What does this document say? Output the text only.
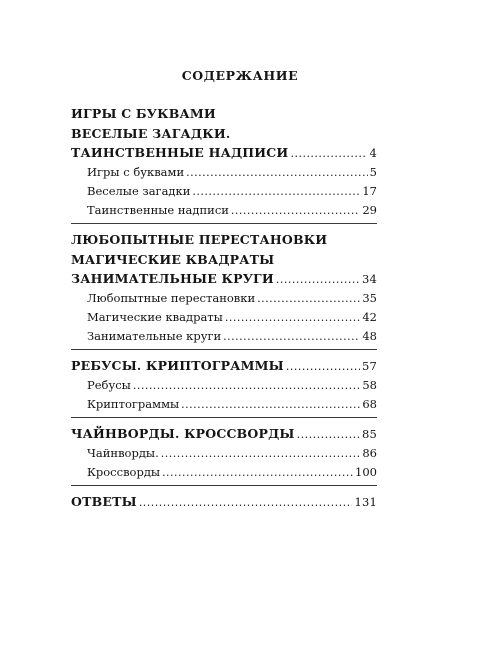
СОДЕРЖАНИЕ
ИГРЫ С БУКВАМИ
ВЕСЕЛЫЕ ЗАГАДКИ.
ТАИНСТВЕННЫЕ НАДПИСИ .....	4
Игры с буквами .....	5
Веселые загадки .....	17
Таинственные надписи .....	29
ЛЮБОПЫТНЫЕ ПЕРЕСТАНОВКИ
МАГИЧЕСКИЕ КВАДРАТЫ
ЗАНИМАТЕЛЬНЫЕ КРУГИ .....	34
Любопытные перестановки .....	35
Магические квадраты .....	42
Занимательные круги .....	48
РЕБУСЫ. КРИПТОГРАММЫ .....	57
Ребусы .....	58
Криптограммы .....	68
ЧАЙНВОРДЫ. КРОССВОРДЫ .....	85
Чайнворды. .....	86
Кроссворды .....	100
ОТВЕТЫ .....	131
